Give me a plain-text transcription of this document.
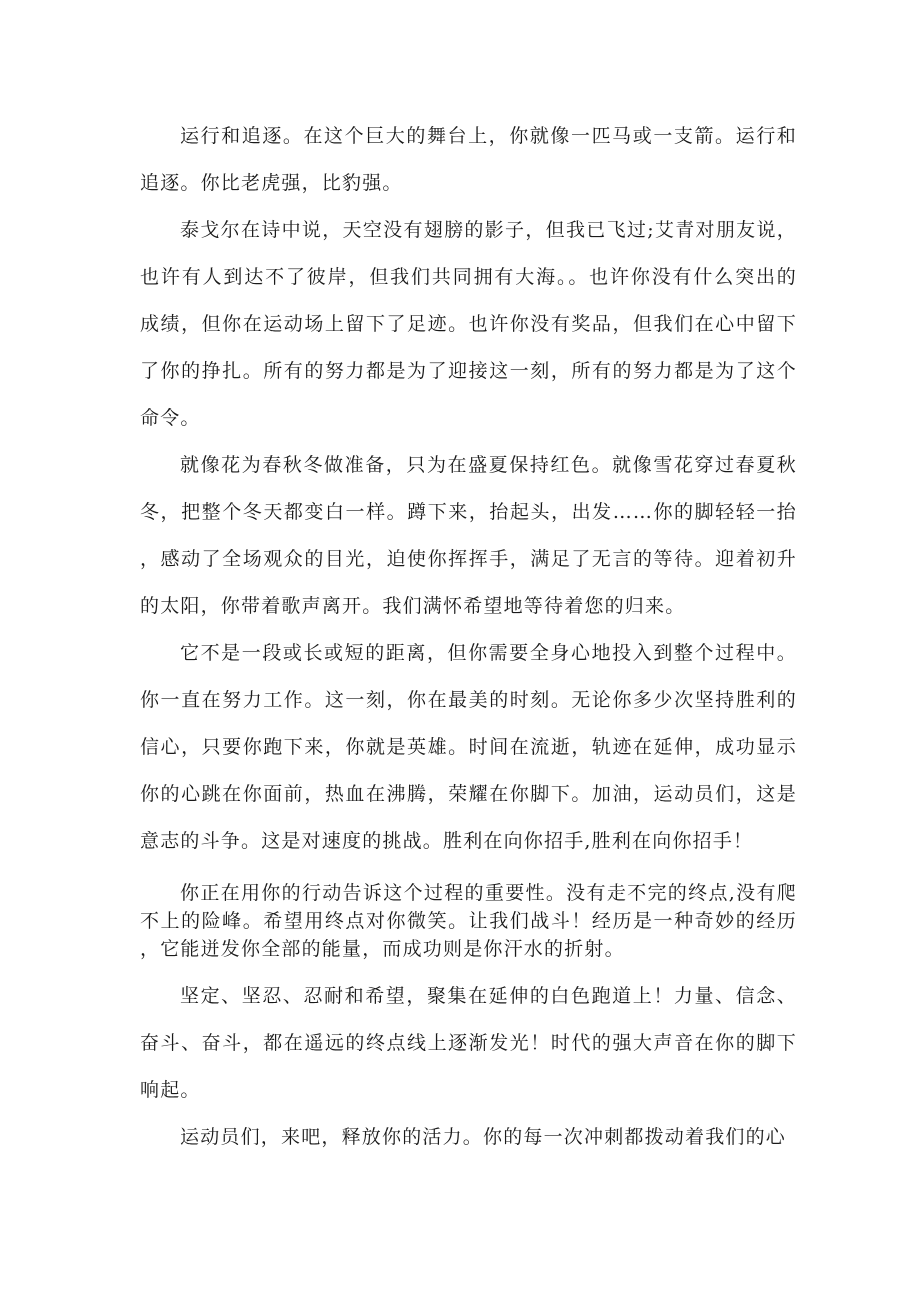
运行和追逐。在这个巨大的舞台上，你就像一匹马或一支箭。运行和追逐。你比老虎强，比豹强。

泰戈尔在诗中说，天空没有翅膀的影子，但我已飞过;艾青对朋友说，也许有人到达不了彼岸，但我们共同拥有大海。。也许你没有什么突出的成绩，但你在运动场上留下了足迹。也许你没有奖品，但我们在心中留下了你的挣扎。所有的努力都是为了迎接这一刻，所有的努力都是为了这个命令。

就像花为春秋冬做准备，只为在盛夏保持红色。就像雪花穿过春夏秋冬，把整个冬天都变白一样。蹲下来，抬起头，出发……你的脚轻轻一抬，感动了全场观众的目光，迫使你挥挥手，满足了无言的等待。迎着初升的太阳，你带着歌声离开。我们满怀希望地等待着您的归来。

它不是一段或长或短的距离，但你需要全身心地投入到整个过程中。你一直在努力工作。这一刻，你在最美的时刻。无论你多少次坚持胜利的信心，只要你跑下来，你就是英雄。时间在流逝，轨迹在延伸，成功显示你的心跳在你面前，热血在沸腾，荣耀在你脚下。加油，运动员们，这是意志的斗争。这是对速度的挑战。胜利在向你招手,胜利在向你招手！

你正在用你的行动告诉这个过程的重要性。没有走不完的终点,没有爬不上的险峰。希望用终点对你微笑。让我们战斗！经历是一种奇妙的经历，它能迸发你全部的能量，而成功则是你汗水的折射。

坚定、坚忍、忍耐和希望，聚集在延伸的白色跑道上！力量、信念、奋斗、奋斗，都在遥远的终点线上逐渐发光！时代的强大声音在你的脚下响起。

运动员们，来吧，释放你的活力。你的每一次冲刺都拨动着我们的心
